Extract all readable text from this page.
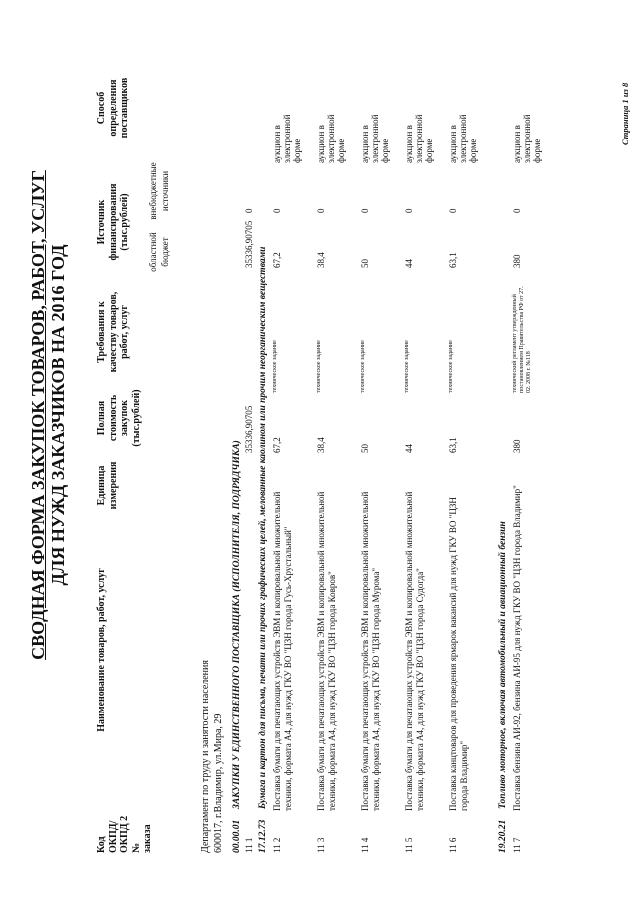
СВОДНАЯ ФОРМА ЗАКУПОК ТОВАРОВ, РАБОТ, УСЛУГ ДЛЯ НУЖД ЗАКАЗЧИКОВ НА 2016 ГОД
Код ОКПД/ ОКПД 2 № заказа
Наименование товаров, работ, услуг
Единица измерения
Полная стоимость закупок (тыс.рублей)
Требования к качеству товаров, работ, услуг
Источник финансирования (тыс.рублей)
областной бюджет
внебюджетные источники
Способ определения поставщиков
Департамент по труду и занятости населения 600017, г.Владимир, ул.Мира, 29 00.00.01  ЗАКУПКИ У ЕДИНСТВЕННОГО ПОСТАВЩИКА (ИСПОЛНИТЕЛЯ, ПОДРЯДЧИКА)
11 1
35336,90705
35336,90705
0
17.12.73  Бумага и картон для письма, печати или прочих графических целей, мелованные каолином или прочим неорганическим веществами
11 2
Поставка бумаги для печатающих устройств ЭВМ и копировальной множительной техники, формата А4, для нужд ГКУ ВО "ЦЗН города Гусь-Хрустальный"
67,2
техническое задание
67,2
0
аукцион в электронной форме
11 3
Поставка бумаги для печатающих устройств ЭВМ и копировальной множительной техники, формата А4, для нужд ГКУ ВО "ЦЗН города Ковров"
38,4
техническое задание
38,4
0
аукцион в электронной форме
11 4
Поставка бумаги для печатающих устройств ЭВМ и копировальной множительной техники, формата А4, для нужд ГКУ ВО "ЦЗН города Мурома"
50
техническое задание
50
0
аукцион в электронной форме
11 5
Поставка бумаги для печатающих устройств ЭВМ и копировальной множительной техники, формата А4, для нужд ГКУ ВО "ЦЗН города Судогда"
44
техническое задание
44
0
аукцион в электронной форме
11 6
Поставка канцтоваров для проведения ярмарок вакансий для нужд ГКУ ВО "ЦЗН города Владимир"
63,1
техническое задание
63,1
0
аукцион в электронной форме
19.20.21  Топливо моторное, включая автомобильный и авиационный бензин
11 7
Поставка бензина АИ-92, бензина АИ-95 для нужд ГКУ ВО "ЦЗН города Владимир"
380
технический регламент утвержденный постановлением Правительства РФ от 27. 02. 2008 г. №118
380
0
аукцион в электронной форме
Страница 1 из 8
